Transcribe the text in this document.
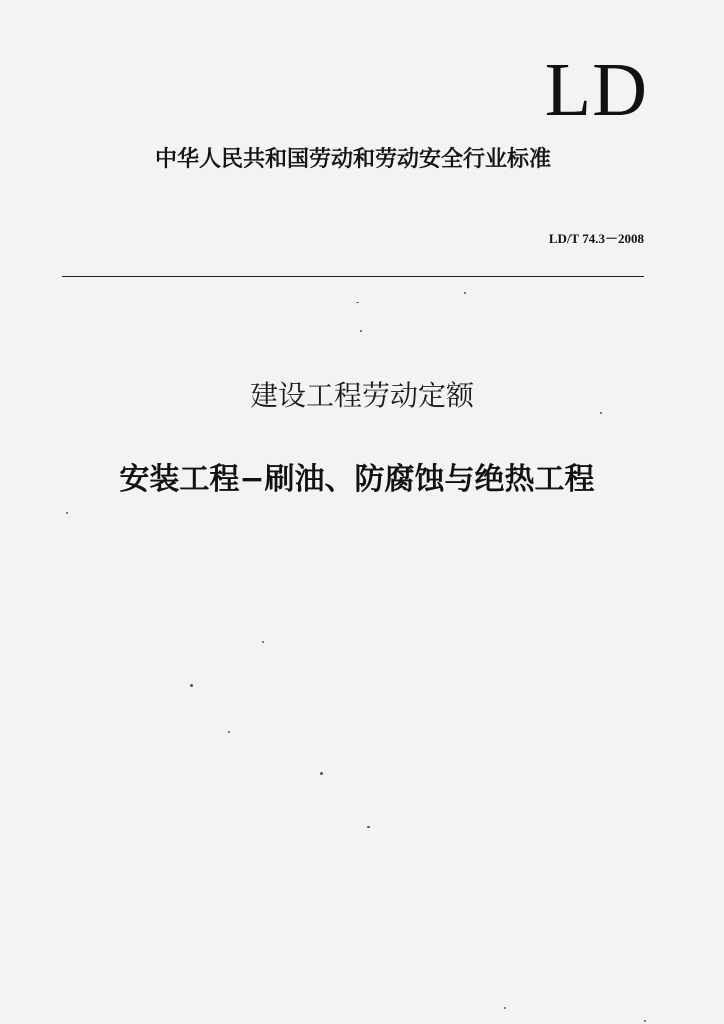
LD
中华人民共和国劳动和劳动安全行业标准
LD/T 74.3－2008
建设工程劳动定额
安装工程−刷油、防腐蚀与绝热工程
